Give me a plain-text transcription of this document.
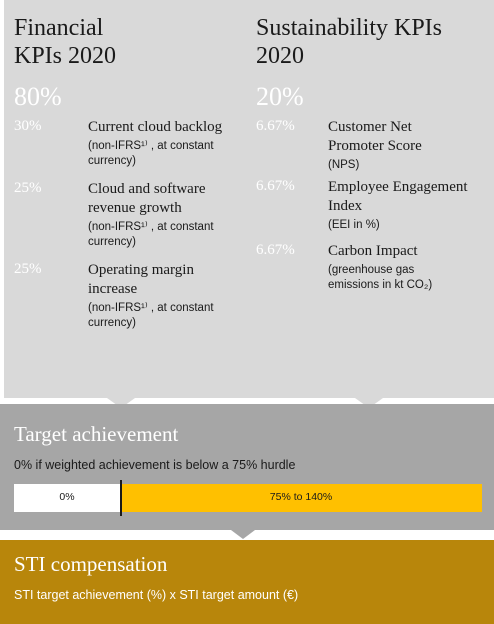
Financial
KPIs 2020
80%
30%	Current cloud backlog
(non-IFRS¹⁾ , at constant
currency)
25%	Cloud and software
revenue growth
(non-IFRS¹⁾ , at constant
currency)
25%	Operating margin
increase
(non-IFRS¹⁾ , at constant
currency)
Sustainability KPIs
2020
20%
6.67% Customer Net
Promoter Score
(NPS)
6.67% Employee Engagement
Index
(EEI in %)
6.67% Carbon Impact
(greenhouse gas
emissions in kt CO₂)
Target achievement
0% if weighted achievement is below a 75% hurdle
0%	75% to 140%
STI compensation
STI target achievement (%) x STI target amount (€)
